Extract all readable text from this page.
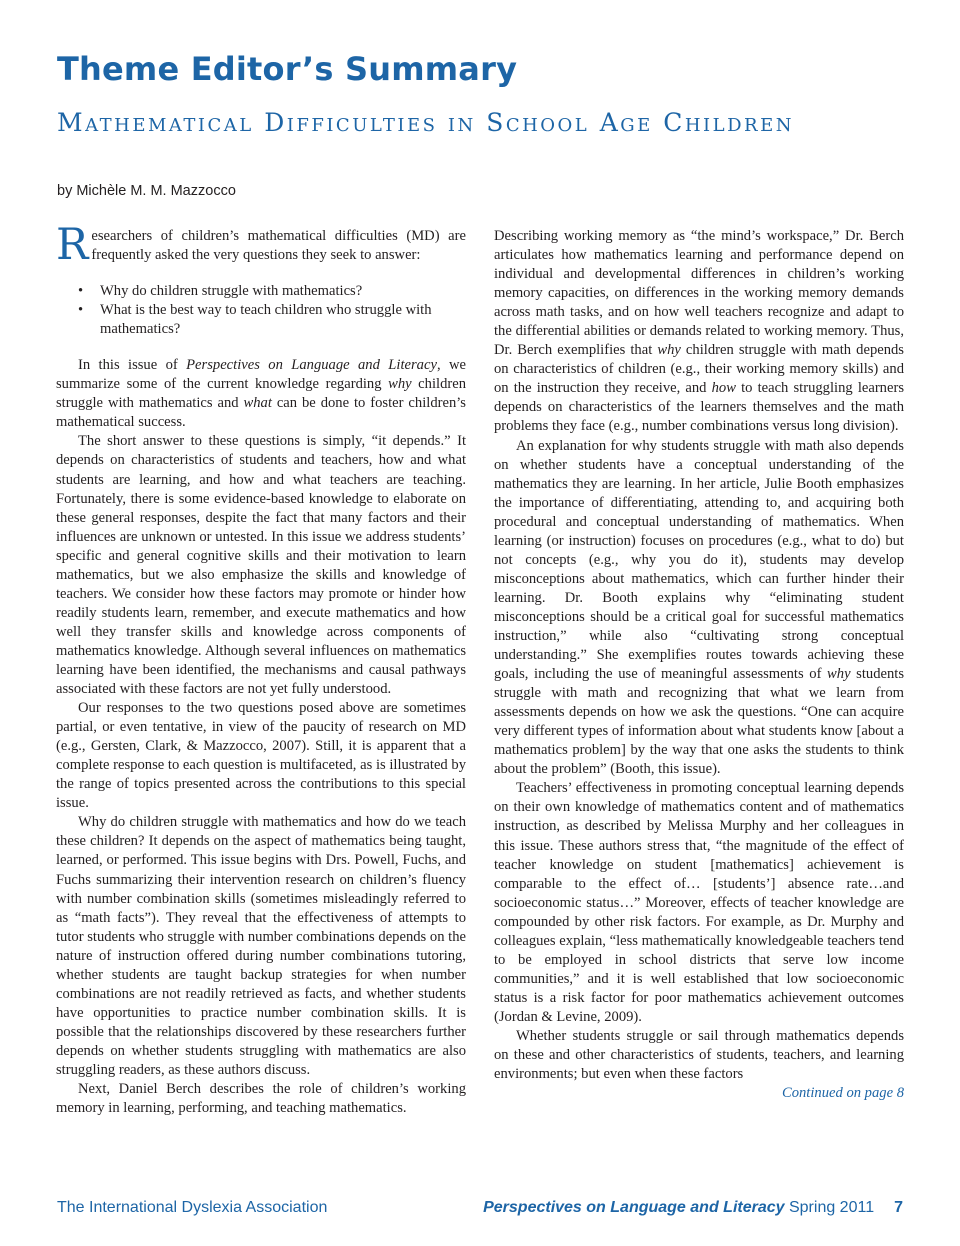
Theme Editor’s Summary
Mathematical Difficulties in School Age Children
by Michèle M. M. Mazzocco

Researchers of children’s mathematical difficulties (MD) are frequently asked the very questions they seek to answer:

• Why do children struggle with mathematics?
• What is the best way to teach children who struggle with mathematics?

In this issue of Perspectives on Language and Literacy, we summarize some of the current knowledge regarding why children struggle with mathematics and what can be done to foster children’s mathematical success.

The short answer to these questions is simply, “it depends.” It depends on characteristics of students and teachers, how and what students are learning, and how and what teachers are teaching. Fortunately, there is some evidence-based knowledge to elaborate on these general responses, despite the fact that many factors and their influences are unknown or untested. In this issue we address students’ specific and general cognitive skills and their motivation to learn mathematics, but we also emphasize the skills and knowledge of teachers. We consider how these factors may promote or hinder how readily students learn, remember, and execute mathematics and how well they transfer skills and knowledge across components of mathematics knowledge. Although several influences on mathematics learning have been identified, the mechanisms and causal pathways associated with these factors are not yet fully understood.

Our responses to the two questions posed above are sometimes partial, or even tentative, in view of the paucity of research on MD (e.g., Gersten, Clark, & Mazzocco, 2007). Still, it is apparent that a complete response to each question is multifaceted, as is illustrated by the range of topics presented across the contributions to this special issue.

Why do children struggle with mathematics and how do we teach these children? It depends on the aspect of mathematics being taught, learned, or performed. This issue begins with Drs. Powell, Fuchs, and Fuchs summarizing their intervention research on children’s fluency with number combination skills (sometimes misleadingly referred to as “math facts”). They reveal that the effectiveness of attempts to tutor students who struggle with number combinations depends on the nature of instruction offered during number combinations tutoring, whether students are taught backup strategies for when number combinations are not readily retrieved as facts, and whether students have opportunities to practice number combination skills. It is possible that the relationships discovered by these researchers further depends on whether students struggling with mathematics are also struggling readers, as these authors discuss.

Next, Daniel Berch describes the role of children’s working memory in learning, performing, and teaching mathematics.

Describing working memory as “the mind’s workspace,” Dr. Berch articulates how mathematics learning and performance depend on individual and developmental differences in children’s working memory capacities, on differences in the working memory demands across math tasks, and on how well teachers recognize and adapt to the differential abilities or demands related to working memory. Thus, Dr. Berch exemplifies that why children struggle with math depends on characteristics of children (e.g., their working memory skills) and on the instruction they receive, and how to teach struggling learners depends on characteristics of the learners themselves and the math problems they face (e.g., number combinations versus long division).

An explanation for why students struggle with math also depends on whether students have a conceptual understanding of the mathematics they are learning. In her article, Julie Booth emphasizes the importance of differentiating, attending to, and acquiring both procedural and conceptual understanding of mathematics. When learning (or instruction) focuses on procedures (e.g., what to do) but not concepts (e.g., why you do it), students may develop misconceptions about mathematics, which can further hinder their learning. Dr. Booth explains why “eliminating student misconceptions should be a critical goal for successful mathematics instruction,” while also “cultivating strong conceptual understanding.” She exemplifies routes towards achieving these goals, including the use of meaningful assessments of why students struggle with math and recognizing that what we learn from assessments depends on how we ask the questions. “One can acquire very different types of information about what students know [about a mathematics problem] by the way that one asks the students to think about the problem” (Booth, this issue).

Teachers’ effectiveness in promoting conceptual learning depends on their own knowledge of mathematics content and of mathematics instruction, as described by Melissa Murphy and her colleagues in this issue. These authors stress that, “the magnitude of the effect of teacher knowledge on student [mathematics] achievement is comparable to the effect of… [students’] absence rate…and socioeconomic status…” Moreover, effects of teacher knowledge are compounded by other risk factors. For example, as Dr. Murphy and colleagues explain, “less mathematically knowledgeable teachers tend to be employed in school districts that serve low income communities,” and it is well established that low socioeconomic status is a risk factor for poor mathematics achievement outcomes (Jordan & Levine, 2009).

Whether students struggle or sail through mathematics depends on these and other characteristics of students, teachers, and learning environments; but even when these factors

Continued on page 8
The International Dyslexia Association	Perspectives on Language and Literacy Spring 2011 7
